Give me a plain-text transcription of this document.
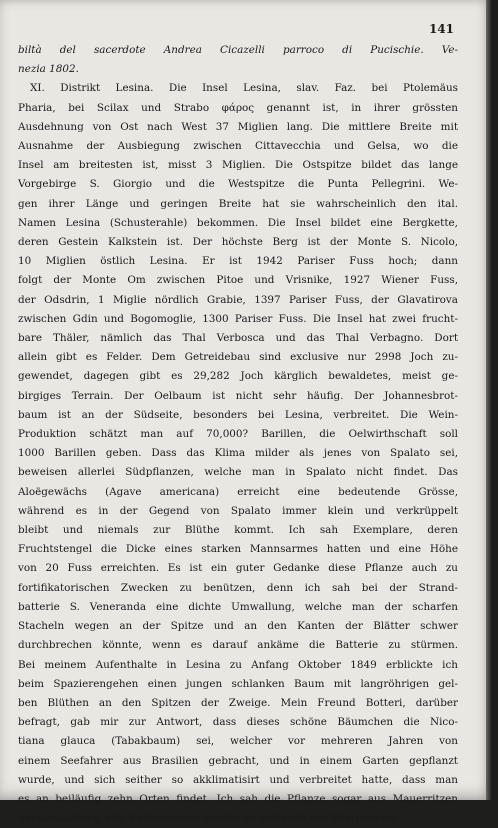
141
biltà del sacerdote Andrea Cicazelli parroco di Pucischie. Ve-
nezia 1802.
XI. Distrikt Lesina. Die Insel Lesina, slav. Faz. bei Ptolemäus
Pharia, bei Scilax und Strabo φάρος genannt ist, in ihrer grössten
Ausdehnung von Ost nach West 37 Miglien lang. Die mittlere Breite mit
Ausnahme der Ausbiegung zwischen Cittavecchia und Gelsa, wo die
Insel am breitesten ist, misst 3 Miglien. Die Ostspitze bildet das lange
Vorgebirge S. Giorgio und die Westspitze die Punta Pellegrini. We-
gen ihrer Länge und geringen Breite hat sie wahrscheinlich den ital.
Namen Lesina (Schusterahle) bekommen. Die Insel bildet eine Bergkette,
deren Gestein Kalkstein ist. Der höchste Berg ist der Monte S. Nicolo,
10 Miglien östlich Lesina. Er ist 1942 Pariser Fuss hoch; dann
folgt der Monte Om zwischen Pitoe und Vrisnike, 1927 Wiener Fuss,
der Odsdrin, 1 Miglie nördlich Grabie, 1397 Pariser Fuss, der Glavatirova
zwischen Gdin und Bogomoglie, 1300 Pariser Fuss. Die Insel hat zwei frucht-
bare Thäler, nämlich das Thal Verbosca und das Thal Verbagno. Dort
allein gibt es Felder. Dem Getreidebau sind exclusive nur 2998 Joch zu-
gewendet, dagegen gibt es 29,282 Joch kärglich bewaldetes, meist ge-
birgiges Terrain. Der Oelbaum ist nicht sehr häufig. Der Johannesbrot-
baum ist an der Südseite, besonders bei Lesina, verbreitet. Die Wein-
Produktion schätzt man auf 70,000? Barillen, die Oelwirthschaft soll
1000 Barillen geben. Dass das Klima milder als jenes von Spalato sei,
beweisen allerlei Südpflanzen, welche man in Spalato nicht findet. Das
Aloëgewächs (Agave americana) erreicht eine bedeutende Grösse,
während es in der Gegend von Spalato immer klein und verkrüppelt
bleibt und niemals zur Blüthe kommt. Ich sah Exemplare, deren
Fruchtstengel die Dicke eines starken Mannsarmes hatten und eine Höhe
von 20 Fuss erreichten. Es ist ein guter Gedanke diese Pflanze auch zu
fortifikatorischen Zwecken zu benützen, denn ich sah bei der Strand-
batterie S. Veneranda eine dichte Umwallung, welche man der scharfen
Stacheln wegen an der Spitze und an den Kanten der Blätter schwer
durchbrechen könnte, wenn es darauf ankäme die Batterie zu stürmen.
Bei meinem Aufenthalte in Lesina zu Anfang Oktober 1849 erblickte ich
beim Spazierengehen einen jungen schlanken Baum mit langröhrigen gel-
ben Blüthen an den Spitzen der Zweige. Mein Freund Botteri, darüber
befragt, gab mir zur Antwort, dass dieses schöne Bäumchen die Nico-
tiana glauca (Tabakbaum) sei, welcher vor mehreren Jahren von
einem Seefahrer aus Brasilien gebracht, und in einem Garten gepflanzt
wurde, und sich seither so akklimatisirt und verbreitet hatte, dass man
es an beiläufig zehn Orten findet. Ich sah die Pflanze sogar aus Mauerritzen
herauswachsen. Für Entomologen möchte es vielleicht ein Interesse ha-
